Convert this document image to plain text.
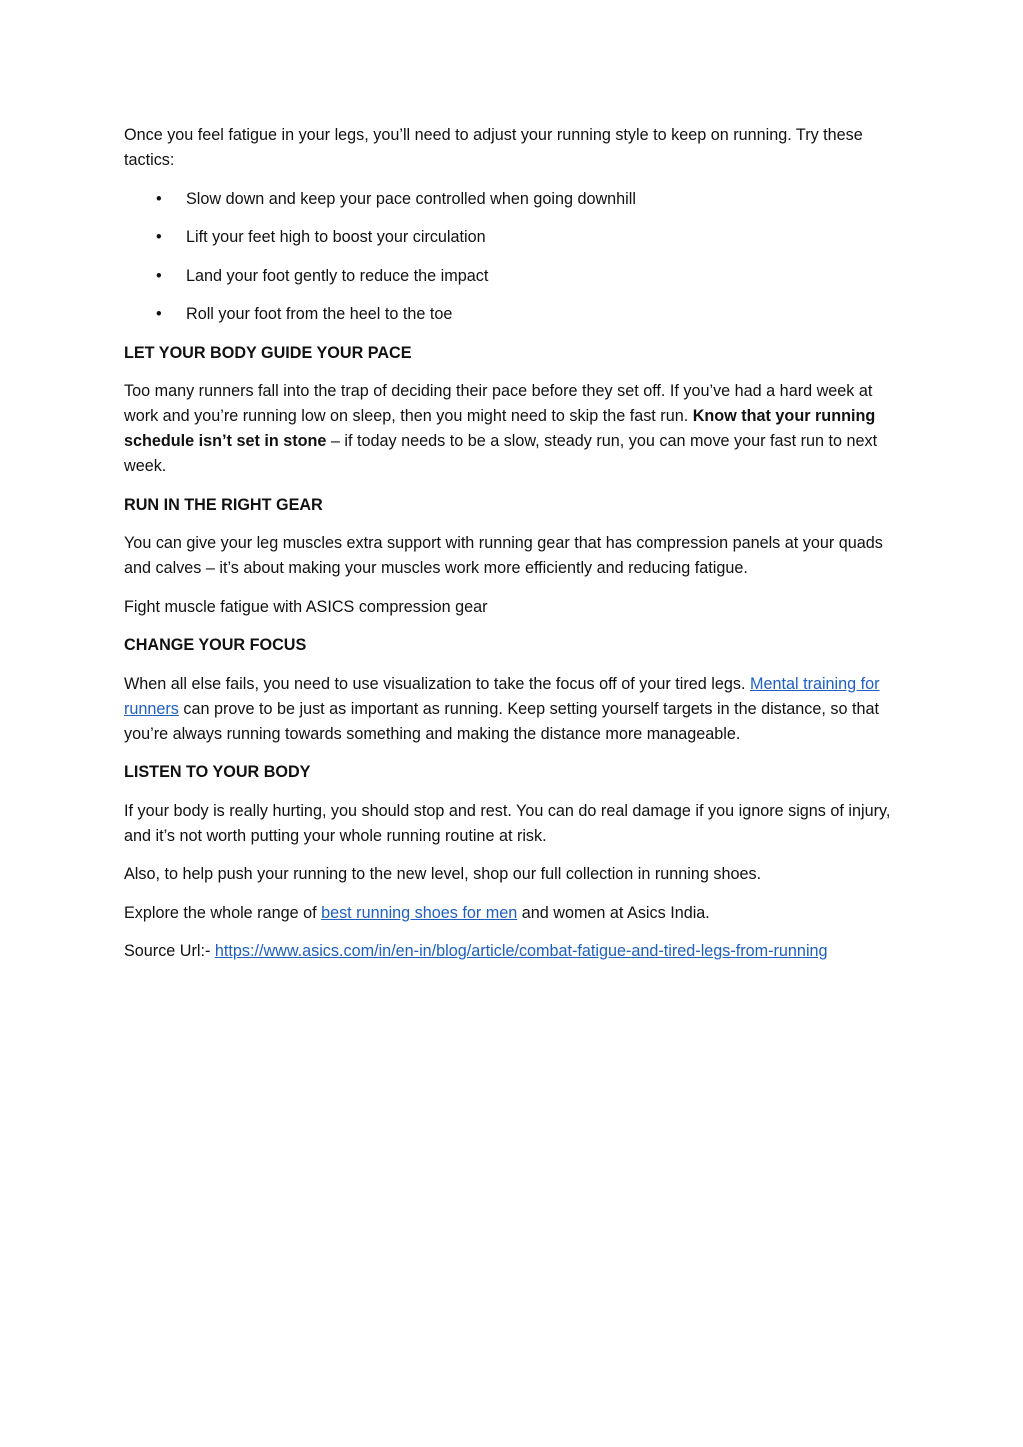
Once you feel fatigue in your legs, you’ll need to adjust your running style to keep on running. Try these tactics:

• Slow down and keep your pace controlled when going downhill
• Lift your feet high to boost your circulation
• Land your foot gently to reduce the impact
• Roll your foot from the heel to the toe
LET YOUR BODY GUIDE YOUR PACE

Too many runners fall into the trap of deciding their pace before they set off. If you’ve had a hard week at work and you’re running low on sleep, then you might need to skip the fast run. Know that your running schedule isn’t set in stone – if today needs to be a slow, steady run, you can move your fast run to next week.

RUN IN THE RIGHT GEAR

You can give your leg muscles extra support with running gear that has compression panels at your quads and calves – it’s about making your muscles work more efficiently and reducing fatigue.

Fight muscle fatigue with ASICS compression gear

CHANGE YOUR FOCUS

When all else fails, you need to use visualization to take the focus off of your tired legs. Mental training for runners can prove to be just as important as running. Keep setting yourself targets in the distance, so that you’re always running towards something and making the distance more manageable.

LISTEN TO YOUR BODY

If your body is really hurting, you should stop and rest. You can do real damage if you ignore signs of injury, and it’s not worth putting your whole running routine at risk.

Also, to help push your running to the new level, shop our full collection in running shoes.

Explore the whole range of best running shoes for men and women at Asics India.

Source Url:- https://www.asics.com/in/en-in/blog/article/combat-fatigue-and-tired-legs-from-running
